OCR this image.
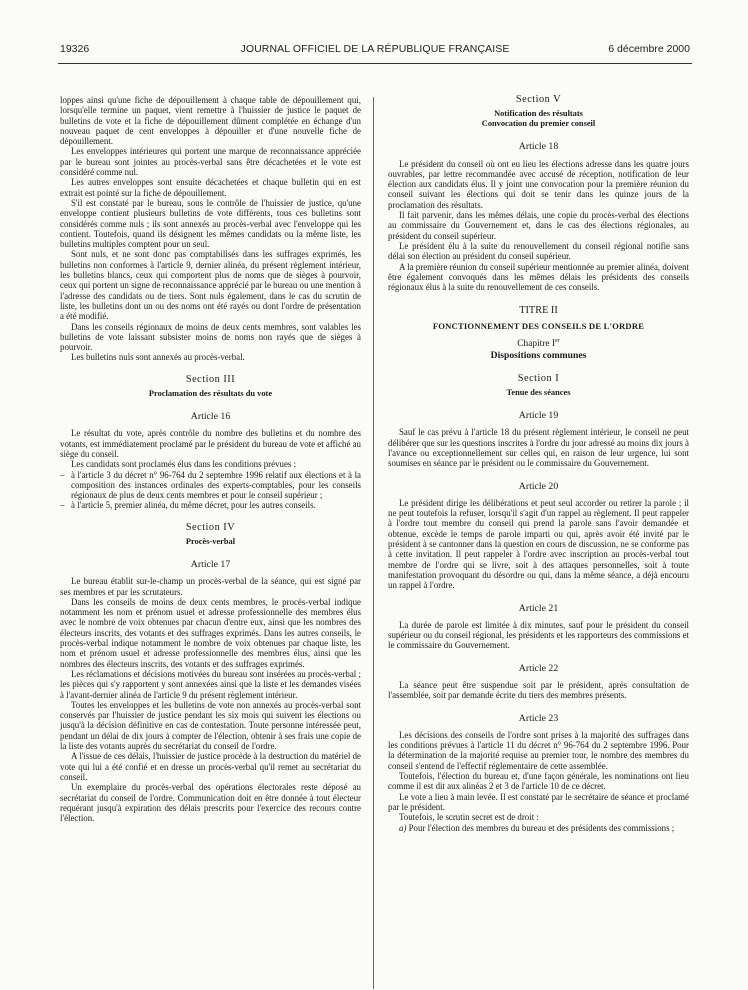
19326	JOURNAL OFFICIEL DE LA RÉPUBLIQUE FRANÇAISE	6 décembre 2000

loppes ainsi qu'une fiche de dépouillement à chaque table de dépouillement qui, lorsqu'elle termine un paquet, vient remettre à l'huissier de justice le paquet de bulletins de vote et la fiche de dépouillement dûment complétée en échange d'un nouveau paquet de cent enveloppes à dépouiller et d'une nouvelle fiche de dépouillement.

Les enveloppes intérieures qui portent une marque de reconnaissance appréciée par le bureau sont jointes au procès-verbal sans être décachetées et le vote est considéré comme nul.

Les autres enveloppes sont ensuite décachetées et chaque bulletin qui en est extrait est pointé sur la fiche de dépouillement.

S'il est constaté par le bureau, sous le contrôle de l'huissier de justice, qu'une enveloppe contient plusieurs bulletins de vote différents, tous ces bulletins sont considérés comme nuls ; ils sont annexés au procès-verbal avec l'enveloppe qui les contient. Toutefois, quand ils désignent les mêmes candidats ou la même liste, les bulletins multiples comptent pour un seul.

Sont nuls, et ne sont donc pas comptabilisés dans les suffrages exprimés, les bulletins non conformes à l'article 9, dernier alinéa, du présent règlement intérieur, les bulletins blancs, ceux qui comportent plus de noms que de sièges à pourvoir, ceux qui portent un signe de reconnaissance apprécié par le bureau ou une mention à l'adresse des candidats ou de tiers. Sont nuls également, dans le cas du scrutin de liste, les bulletins dont un ou des noms ont été rayés ou dont l'ordre de présentation a été modifié.

Dans les conseils régionaux de moins de deux cents membres, sont valables les bulletins de vote laissant subsister moins de noms non rayés que de sièges à pourvoir.

Les bulletins nuls sont annexés au procès-verbal.

Section III
Proclamation des résultats du vote
Article 16

Le résultat du vote, après contrôle du nombre des bulletins et du nombre des votants, est immédiatement proclamé par le président du bureau de vote et affiché au siège du conseil.

Les candidats sont proclamés élus dans les conditions prévues :

– à l'article 3 du décret n° 96-764 du 2 septembre 1996 relatif aux élections et à la composition des instances ordinales des experts-comptables, pour les conseils régionaux de plus de deux cents membres et pour le conseil supérieur ;
– à l'article 5, premier alinéa, du même décret, pour les autres conseils.
Section IV
Procès-verbal
Article 17

Le bureau établit sur-le-champ un procès-verbal de la séance, qui est signé par ses membres et par les scrutateurs.

Dans les conseils de moins de deux cents membres, le procès-verbal indique notamment les nom et prénom usuel et adresse professionnelle des membres élus avec le nombre de voix obtenues par chacun d'entre eux, ainsi que les nombres des électeurs inscrits, des votants et des suffrages exprimés. Dans les autres conseils, le procès-verbal indique notamment le nombre de voix obtenues par chaque liste, les nom et prénom usuel et adresse professionnelle des membres élus, ainsi que les nombres des électeurs inscrits, des votants et des suffrages exprimés.

Les réclamations et décisions motivées du bureau sont insérées au procès-verbal ; les pièces qui s'y rapportent y sont annexées ainsi que la liste et les demandes visées à l'avant-dernier alinéa de l'article 9 du présent règlement intérieur.

Toutes les enveloppes et les bulletins de vote non annexés au procès-verbal sont conservés par l'huissier de justice pendant les six mois qui suivent les élections ou jusqu'à la décision définitive en cas de contestation. Toute personne intéressée peut, pendant un délai de dix jours à compter de l'élection, obtenir à ses frais une copie de la liste des votants auprès du secrétariat du conseil de l'ordre.

A l'issue de ces délais, l'huissier de justice procède à la destruction du matériel de vote qui lui a été confié et en dresse un procès-verbal qu'il remet au secrétariat du conseil.

Un exemplaire du procès-verbal des opérations électorales reste déposé au secrétariat du conseil de l'ordre. Communication doit en être donnée à tout électeur requérant jusqu'à expiration des délais prescrits pour l'exercice des recours contre l'élection.

Section V
Notification des résultats
Convocation du premier conseil
Article 18

Le président du conseil où ont eu lieu les élections adresse dans les quatre jours ouvrables, par lettre recommandée avec accusé de réception, notification de leur élection aux candidats élus. Il y joint une convocation pour la première réunion du conseil suivant les élections qui doit se tenir dans les quinze jours de la proclamation des résultats.

Il fait parvenir, dans les mêmes délais, une copie du procès-verbal des élections au commissaire du Gouvernement et, dans le cas des élections régionales, au président du conseil supérieur.

Le président élu à la suite du renouvellement du conseil régional notifie sans délai son élection au président du conseil supérieur.

A la première réunion du conseil supérieur mentionnée au premier alinéa, doivent être également convoqués dans les mêmes délais les présidents des conseils régionaux élus à la suite du renouvellement de ces conseils.

TITRE II
FONCTIONNEMENT DES CONSEILS DE L'ORDRE
Chapitre Ier
Dispositions communes
Section I
Tenue des séances
Article 19

Sauf le cas prévu à l'article 18 du présent règlement intérieur, le conseil ne peut délibérer que sur les questions inscrites à l'ordre du jour adressé au moins dix jours à l'avance ou exceptionnellement sur celles qui, en raison de leur urgence, lui sont soumises en séance par le président ou le commissaire du Gouvernement.

Article 20

Le président dirige les délibérations et peut seul accorder ou retirer la parole ; il ne peut toutefois la refuser, lorsqu'il s'agit d'un rappel au règlement. Il peut rappeler à l'ordre tout membre du conseil qui prend la parole sans l'avoir demandée et obtenue, excède le temps de parole imparti ou qui, après avoir été invité par le président à se cantonner dans la question en cours de discussion, ne se conforme pas à cette invitation. Il peut rappeler à l'ordre avec inscription au procès-verbal tout membre de l'ordre qui se livre, soit à des attaques personnelles, soit à toute manifestation provoquant du désordre ou qui, dans la même séance, a déjà encouru un rappel à l'ordre.

Article 21

La durée de parole est limitée à dix minutes, sauf pour le président du conseil supérieur ou du conseil régional, les présidents et les rapporteurs des commissions et le commissaire du Gouvernement.

Article 22

La séance peut être suspendue soit par le président, après consultation de l'assemblée, soit par demande écrite du tiers des membres présents.

Article 23

Les décisions des conseils de l'ordre sont prises à la majorité des suffrages dans les conditions prévues à l'article 11 du décret n° 96-764 du 2 septembre 1996. Pour la détermination de la majorité requise au premier tour, le nombre des membres du conseil s'entend de l'effectif réglementaire de cette assemblée.

Toutefois, l'élection du bureau et, d'une façon générale, les nominations ont lieu comme il est dit aux alinéas 2 et 3 de l'article 10 de ce décret.

Le vote a lieu à main levée. Il est constaté par le secrétaire de séance et proclamé par le président.

Toutefois, le scrutin secret est de droit :

a) Pour l'élection des membres du bureau et des présidents des commissions ;
